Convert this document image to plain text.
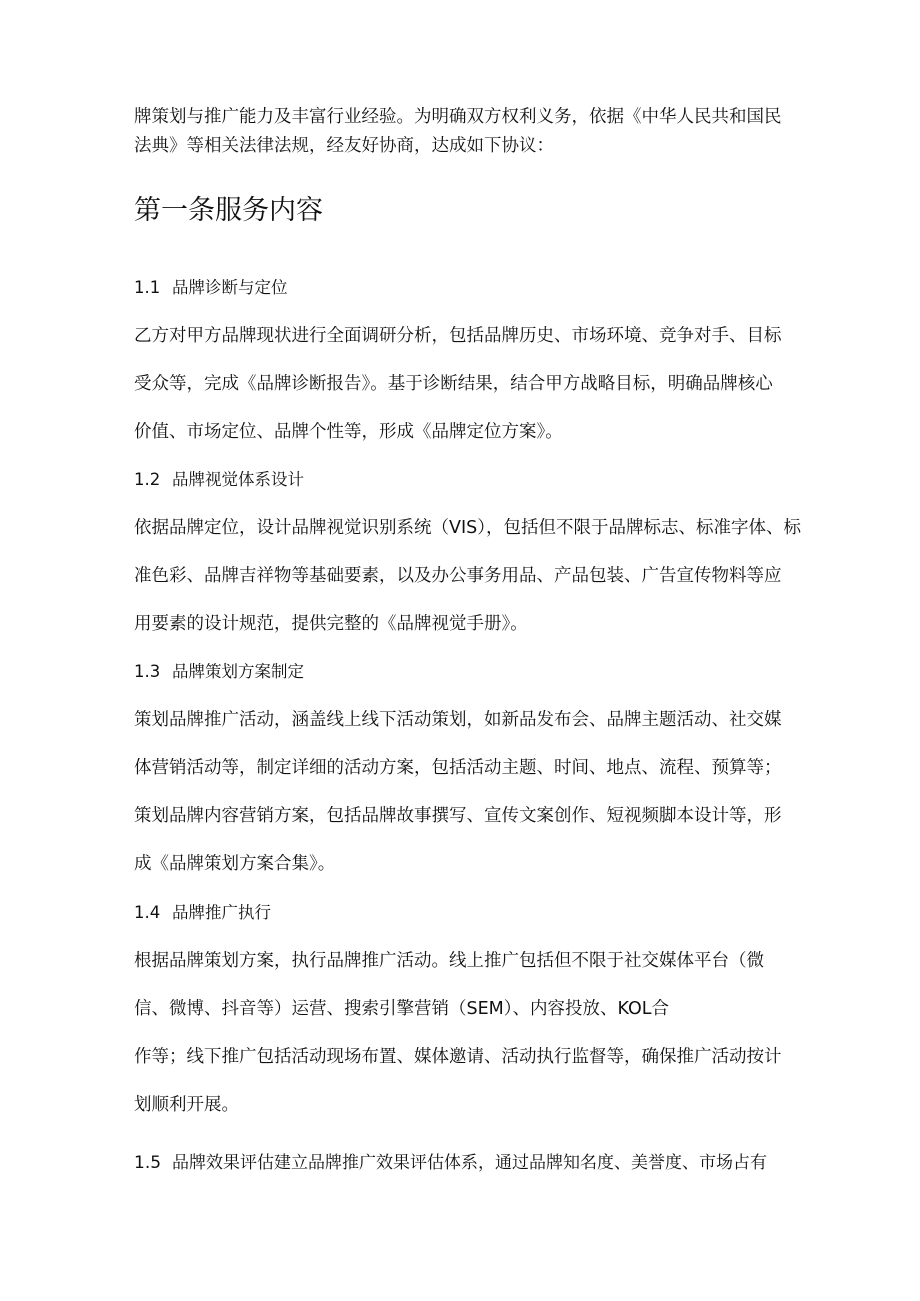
牌策划与推广能力及丰富行业经验。为明确双方权利义务，依据《中华人民共和国民
法典》等相关法律法规，经友好协商，达成如下协议：
第一条服务内容
1.1 品牌诊断与定位
乙方对甲方品牌现状进行全面调研分析，包括品牌历史、市场环境、竞争对手、目标
受众等，完成《品牌诊断报告》。基于诊断结果，结合甲方战略目标，明确品牌核心
价值、市场定位、品牌个性等，形成《品牌定位方案》。
1.2 品牌视觉体系设计
依据品牌定位，设计品牌视觉识别系统（VIS），包括但不限于品牌标志、标准字体、标
准色彩、品牌吉祥物等基础要素，以及办公事务用品、产品包装、广告宣传物料等应
用要素的设计规范，提供完整的《品牌视觉手册》。
1.3 品牌策划方案制定
策划品牌推广活动，涵盖线上线下活动策划，如新品发布会、品牌主题活动、社交媒
体营销活动等，制定详细的活动方案，包括活动主题、时间、地点、流程、预算等；
策划品牌内容营销方案，包括品牌故事撰写、宣传文案创作、短视频脚本设计等，形
成《品牌策划方案合集》。
1.4 品牌推广执行
根据品牌策划方案，执行品牌推广活动。线上推广包括但不限于社交媒体平台（微
信、微博、抖音等）运营、搜索引擎营销（SEM）、内容投放、KOL合
作等；线下推广包括活动现场布置、媒体邀请、活动执行监督等，确保推广活动按计
划顺利开展。
1.5 品牌效果评估建立品牌推广效果评估体系，通过品牌知名度、美誉度、市场占有
